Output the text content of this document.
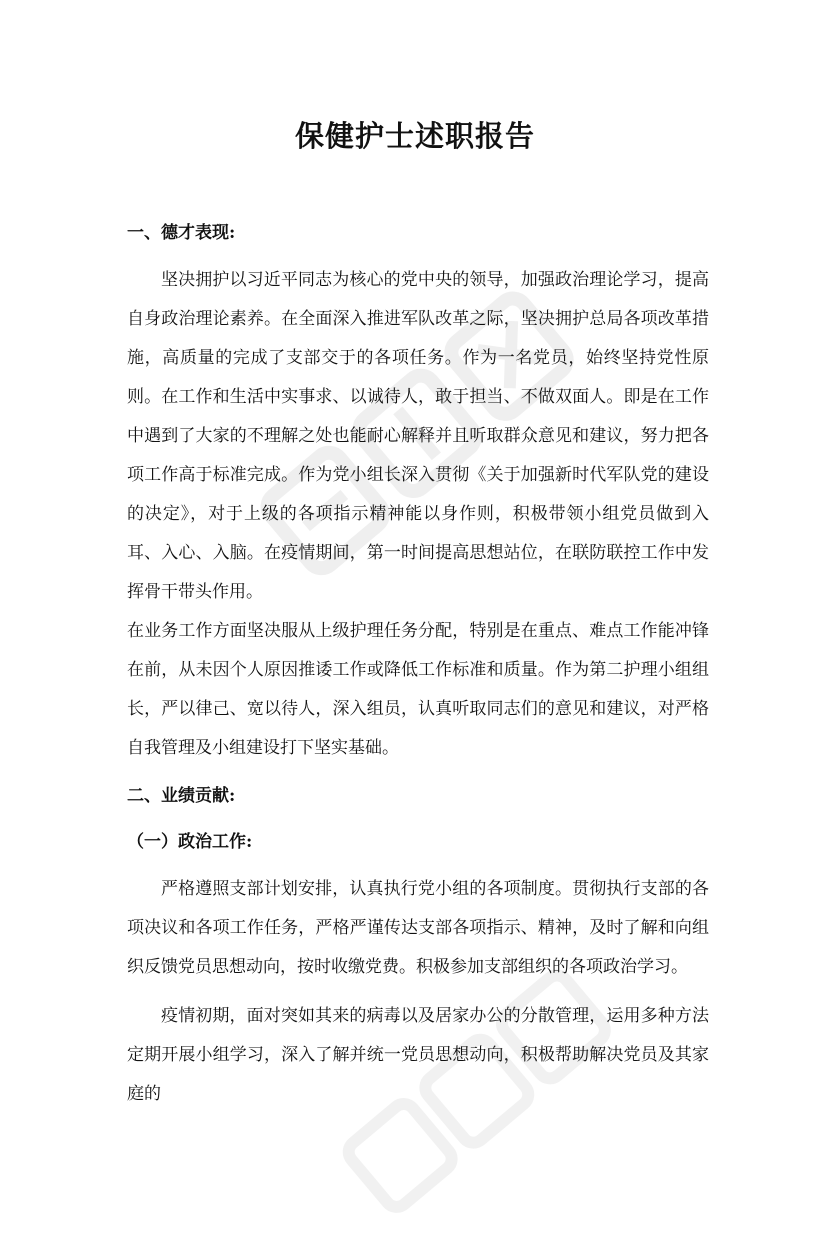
保健护士述职报告
一、德才表现:

坚决拥护以习近平同志为核心的党中央的领导，加强政治理论学习，提高自身政治理论素养。在全面深入推进军队改革之际，坚决拥护总局各项改革措施，高质量的完成了支部交于的各项任务。作为一名党员，始终坚持党性原则。在工作和生活中实事求、以诚待人，敢于担当、不做双面人。即是在工作中遇到了大家的不理解之处也能耐心解释并且听取群众意见和建议，努力把各项工作高于标准完成。作为党小组长深入贯彻《关于加强新时代军队党的建设的决定》，对于上级的各项指示精神能以身作则，积极带领小组党员做到入耳、入心、入脑。在疫情期间，第一时间提高思想站位，在联防联控工作中发挥骨干带头作用。

在业务工作方面坚决服从上级护理任务分配，特别是在重点、难点工作能冲锋在前，从未因个人原因推诿工作或降低工作标准和质量。作为第二护理小组组长，严以律己、宽以待人，深入组员，认真听取同志们的意见和建议，对严格自我管理及小组建设打下坚实基础。

二、业绩贡献:
（一）政治工作:

严格遵照支部计划安排，认真执行党小组的各项制度。贯彻执行支部的各项决议和各项工作任务，严格严谨传达支部各项指示、精神，及时了解和向组织反馈党员思想动向，按时收缴党费。积极参加支部组织的各项政治学习。

疫情初期，面对突如其来的病毒以及居家办公的分散管理，运用多种方法定期开展小组学习，深入了解并统一党员思想动向，积极帮助解决党员及其家庭的
